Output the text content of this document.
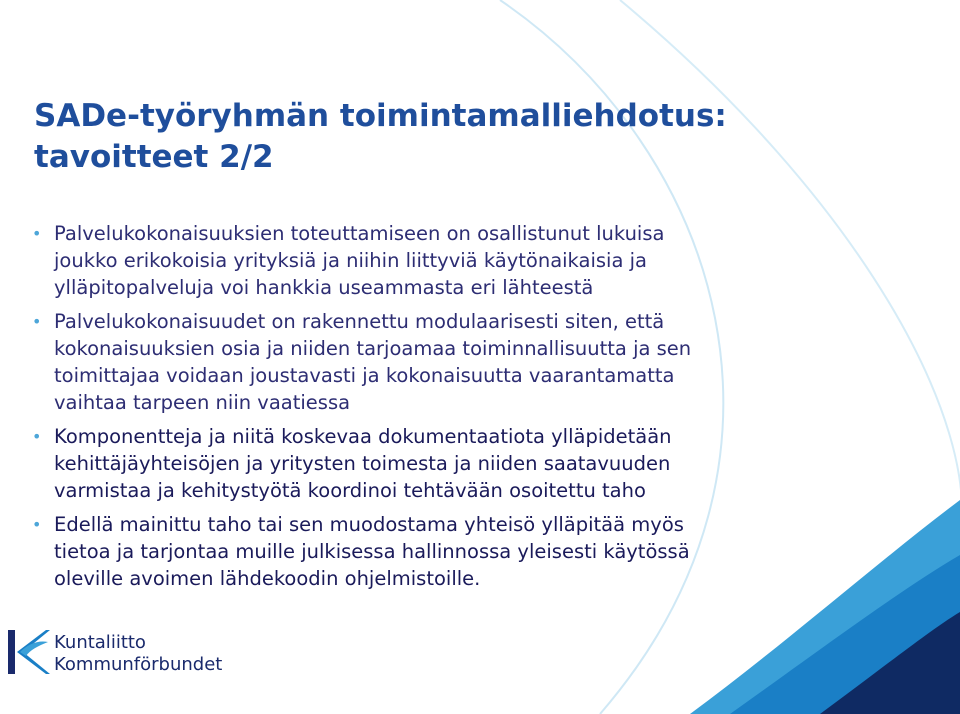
SADe-työryhmän toimintamalliehdotus:
tavoitteet 2/2
• Palvelukokonaisuuksien toteuttamiseen on osallistunut lukuisa joukko erikokoisia yrityksiä ja niihin liittyviä käytönaikaisia ja ylläpitopalveluja voi hankkia useammasta eri lähteestä
• Palvelukokonaisuudet on rakennettu modulaarisesti siten, että kokonaisuuksien osia ja niiden tarjoamaa toiminnallisuutta ja sen toimittajaa voidaan joustavasti ja kokonaisuutta vaarantamatta vaihtaa tarpeen niin vaatiessa
• Komponentteja ja niitä koskevaa dokumentaatiota ylläpidetään kehittäjäyhteisöjen ja yritysten toimesta ja niiden saatavuuden varmistaa ja kehitystyötä koordinoi tehtävään osoitettu taho
• Edellä mainittu taho tai sen muodostama yhteisö ylläpitää myös tietoa ja tarjontaa muille julkisessa hallinnossa yleisesti käytössä oleville avoimen lähdekoodin ohjelmistoille.
Kuntaliitto
Kommunförbundet
